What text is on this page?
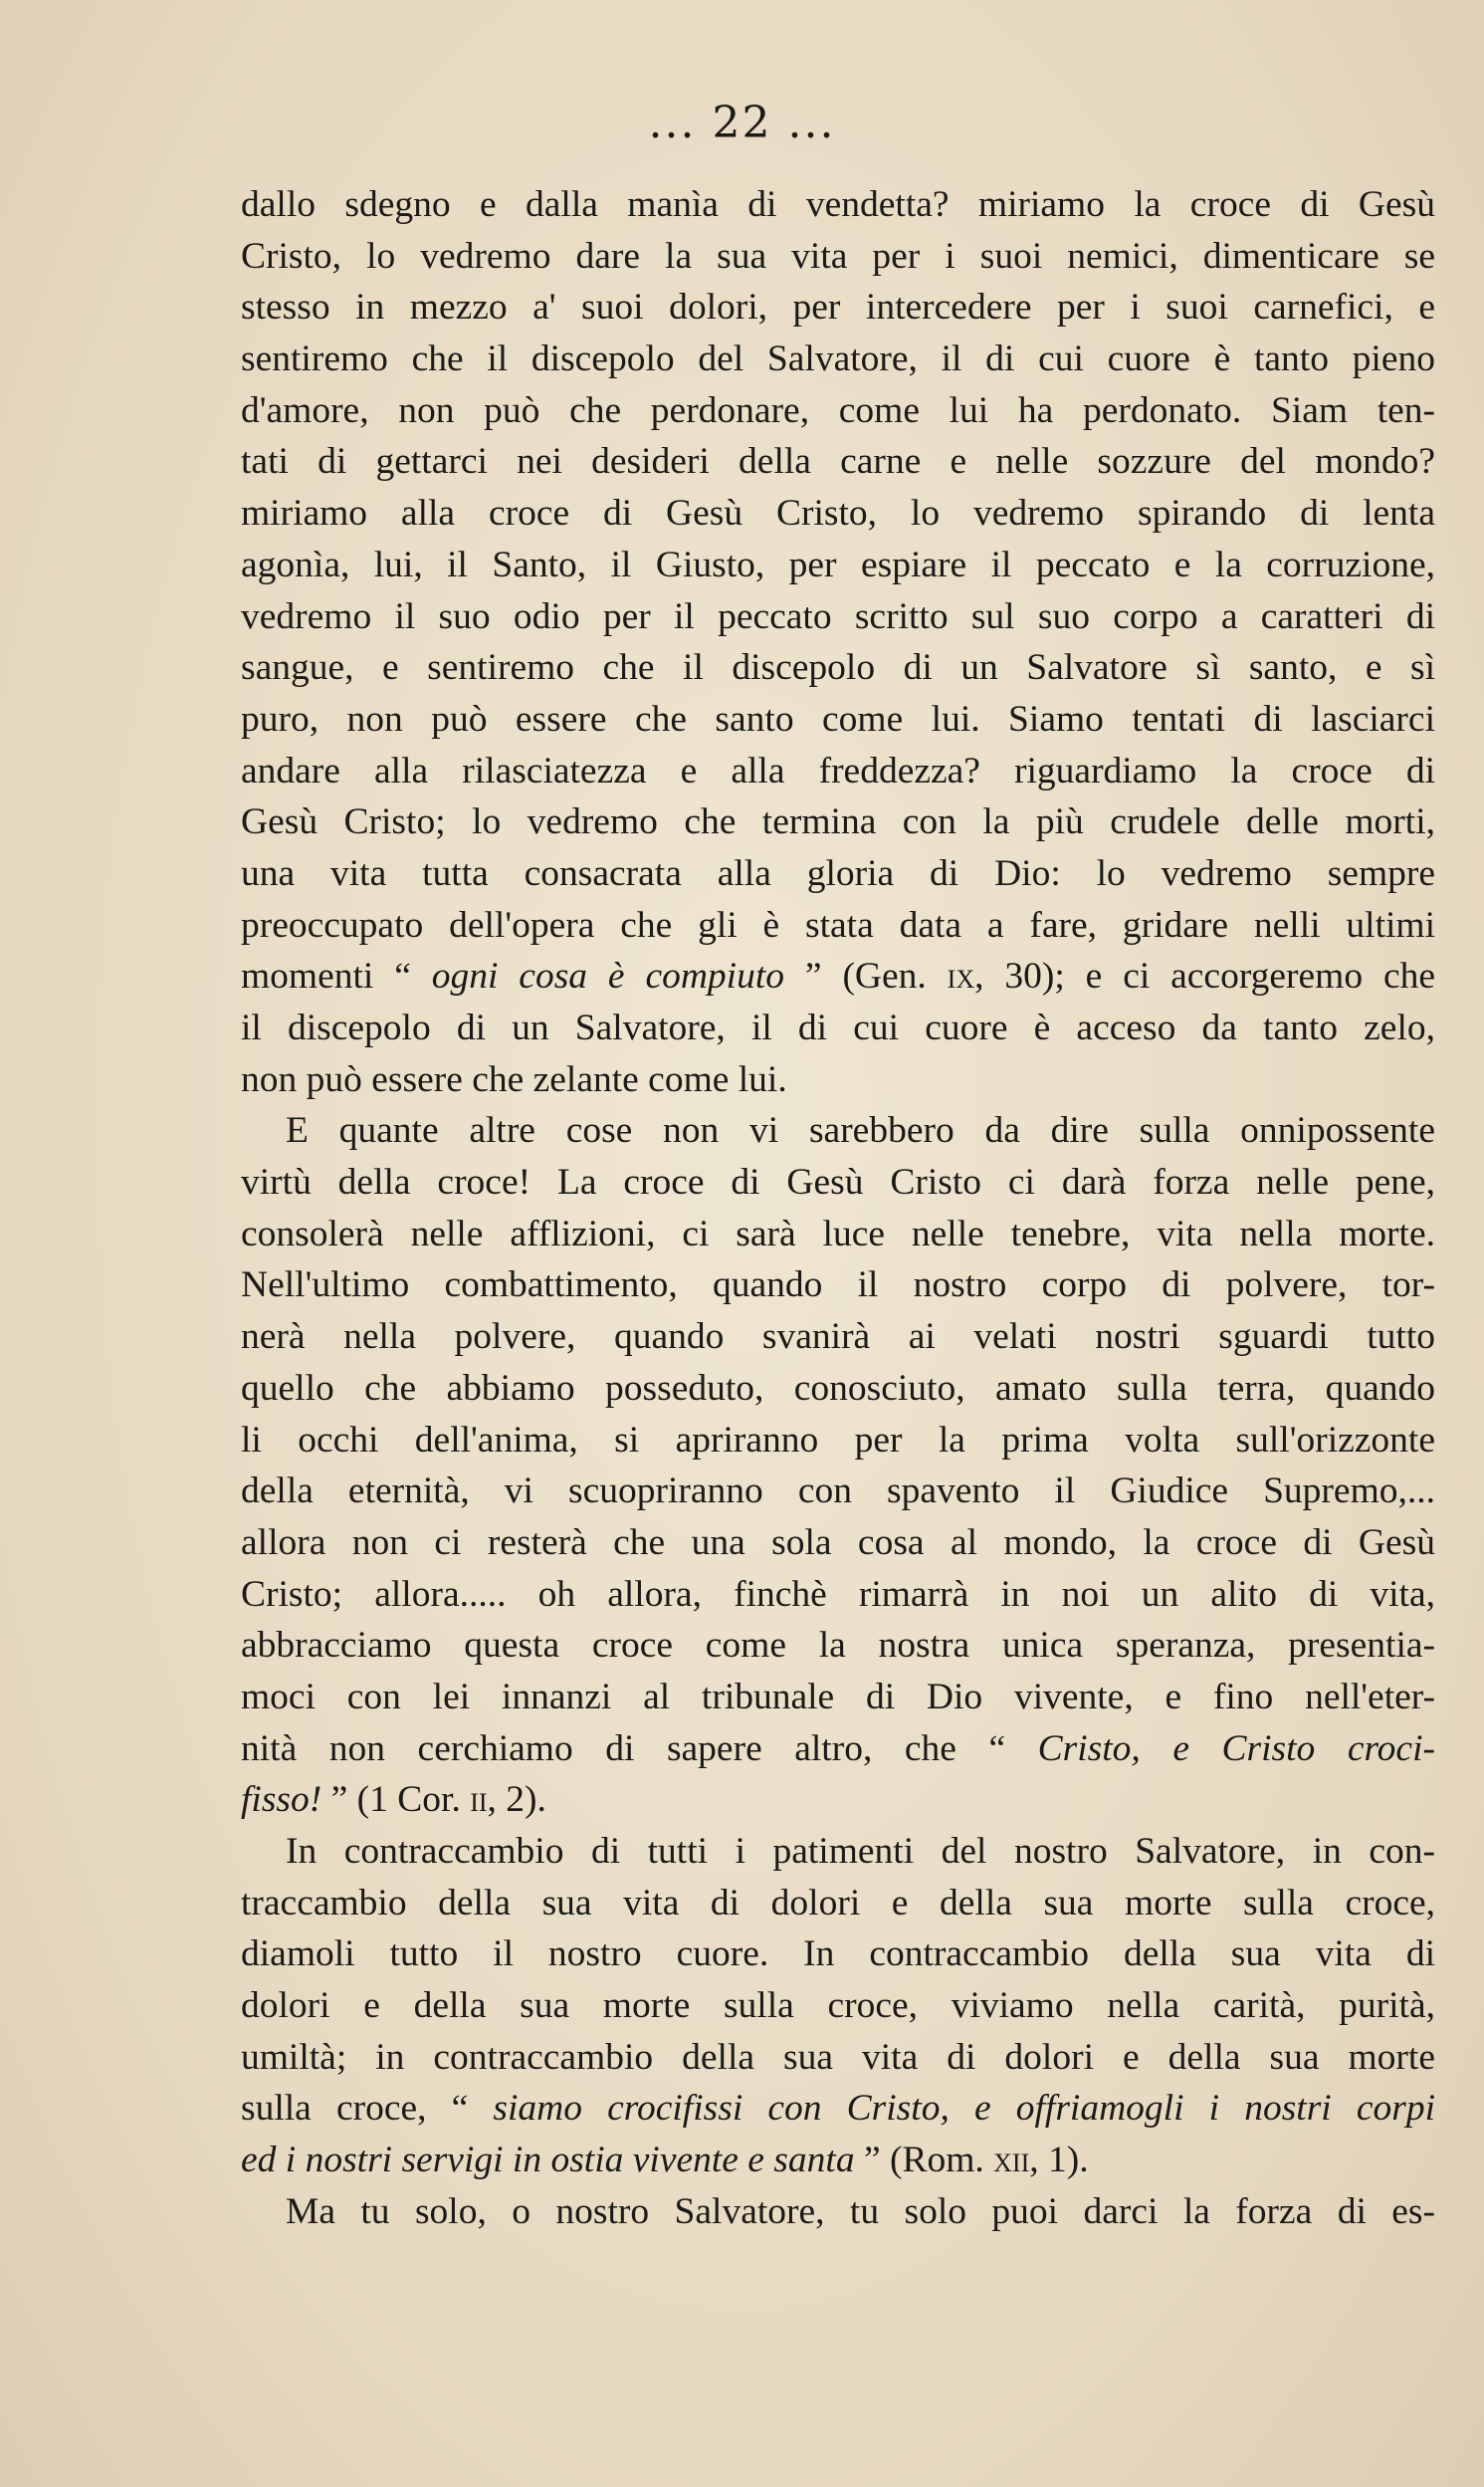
... 22 ...
dallo sdegno e dalla manìa di vendetta? miriamo la croce di Gesù
Cristo, lo vedremo dare la sua vita per i suoi nemici, dimenticare se
stesso in mezzo a' suoi dolori, per intercedere per i suoi carnefici, e
sentiremo che il discepolo del Salvatore, il di cui cuore è tanto pieno
d'amore, non può che perdonare, come lui ha perdonato. Siam ten-
tati di gettarci nei desideri della carne e nelle sozzure del mondo?
miriamo alla croce di Gesù Cristo, lo vedremo spirando di lenta
agonìa, lui, il Santo, il Giusto, per espiare il peccato e la corruzione,
vedremo il suo odio per il peccato scritto sul suo corpo a caratteri di
sangue, e sentiremo che il discepolo di un Salvatore sì santo, e sì
puro, non può essere che santo come lui. Siamo tentati di lasciarci
andare alla rilasciatezza e alla freddezza? riguardiamo la croce di
Gesù Cristo; lo vedremo che termina con la più crudele delle morti,
una vita tutta consacrata alla gloria di Dio: lo vedremo sempre
preoccupato dell'opera che gli è stata data a fare, gridare nelli ultimi
momenti “ ogni cosa è compiuto ” (Gen. ix, 30); e ci accorgeremo che
il discepolo di un Salvatore, il di cui cuore è acceso da tanto zelo,
non può essere che zelante come lui.
E quante altre cose non vi sarebbero da dire sulla onnipossente
virtù della croce! La croce di Gesù Cristo ci darà forza nelle pene,
consolerà nelle afflizioni, ci sarà luce nelle tenebre, vita nella morte.
Nell'ultimo combattimento, quando il nostro corpo di polvere, tor-
nerà nella polvere, quando svanirà ai velati nostri sguardi tutto
quello che abbiamo posseduto, conosciuto, amato sulla terra, quando
li occhi dell'anima, si apriranno per la prima volta sull'orizzonte
della eternità, vi scuopriranno con spavento il Giudice Supremo,...
allora non ci resterà che una sola cosa al mondo, la croce di Gesù
Cristo; allora..... oh allora, finchè rimarrà in noi un alito di vita,
abbracciamo questa croce come la nostra unica speranza, presentia-
moci con lei innanzi al tribunale di Dio vivente, e fino nell'eter-
nità non cerchiamo di sapere altro, che “ Cristo, e Cristo croci-
fisso! ” (1 Cor. ii, 2).
In contraccambio di tutti i patimenti del nostro Salvatore, in con-
traccambio della sua vita di dolori e della sua morte sulla croce,
diamoli tutto il nostro cuore. In contraccambio della sua vita di
dolori e della sua morte sulla croce, viviamo nella carità, purità,
umiltà; in contraccambio della sua vita di dolori e della sua morte
sulla croce, “ siamo crocifissi con Cristo, e offriamogli i nostri corpi
ed i nostri servigi in ostia vivente e santa ” (Rom. xii, 1).
Ma tu solo, o nostro Salvatore, tu solo puoi darci la forza di es-
